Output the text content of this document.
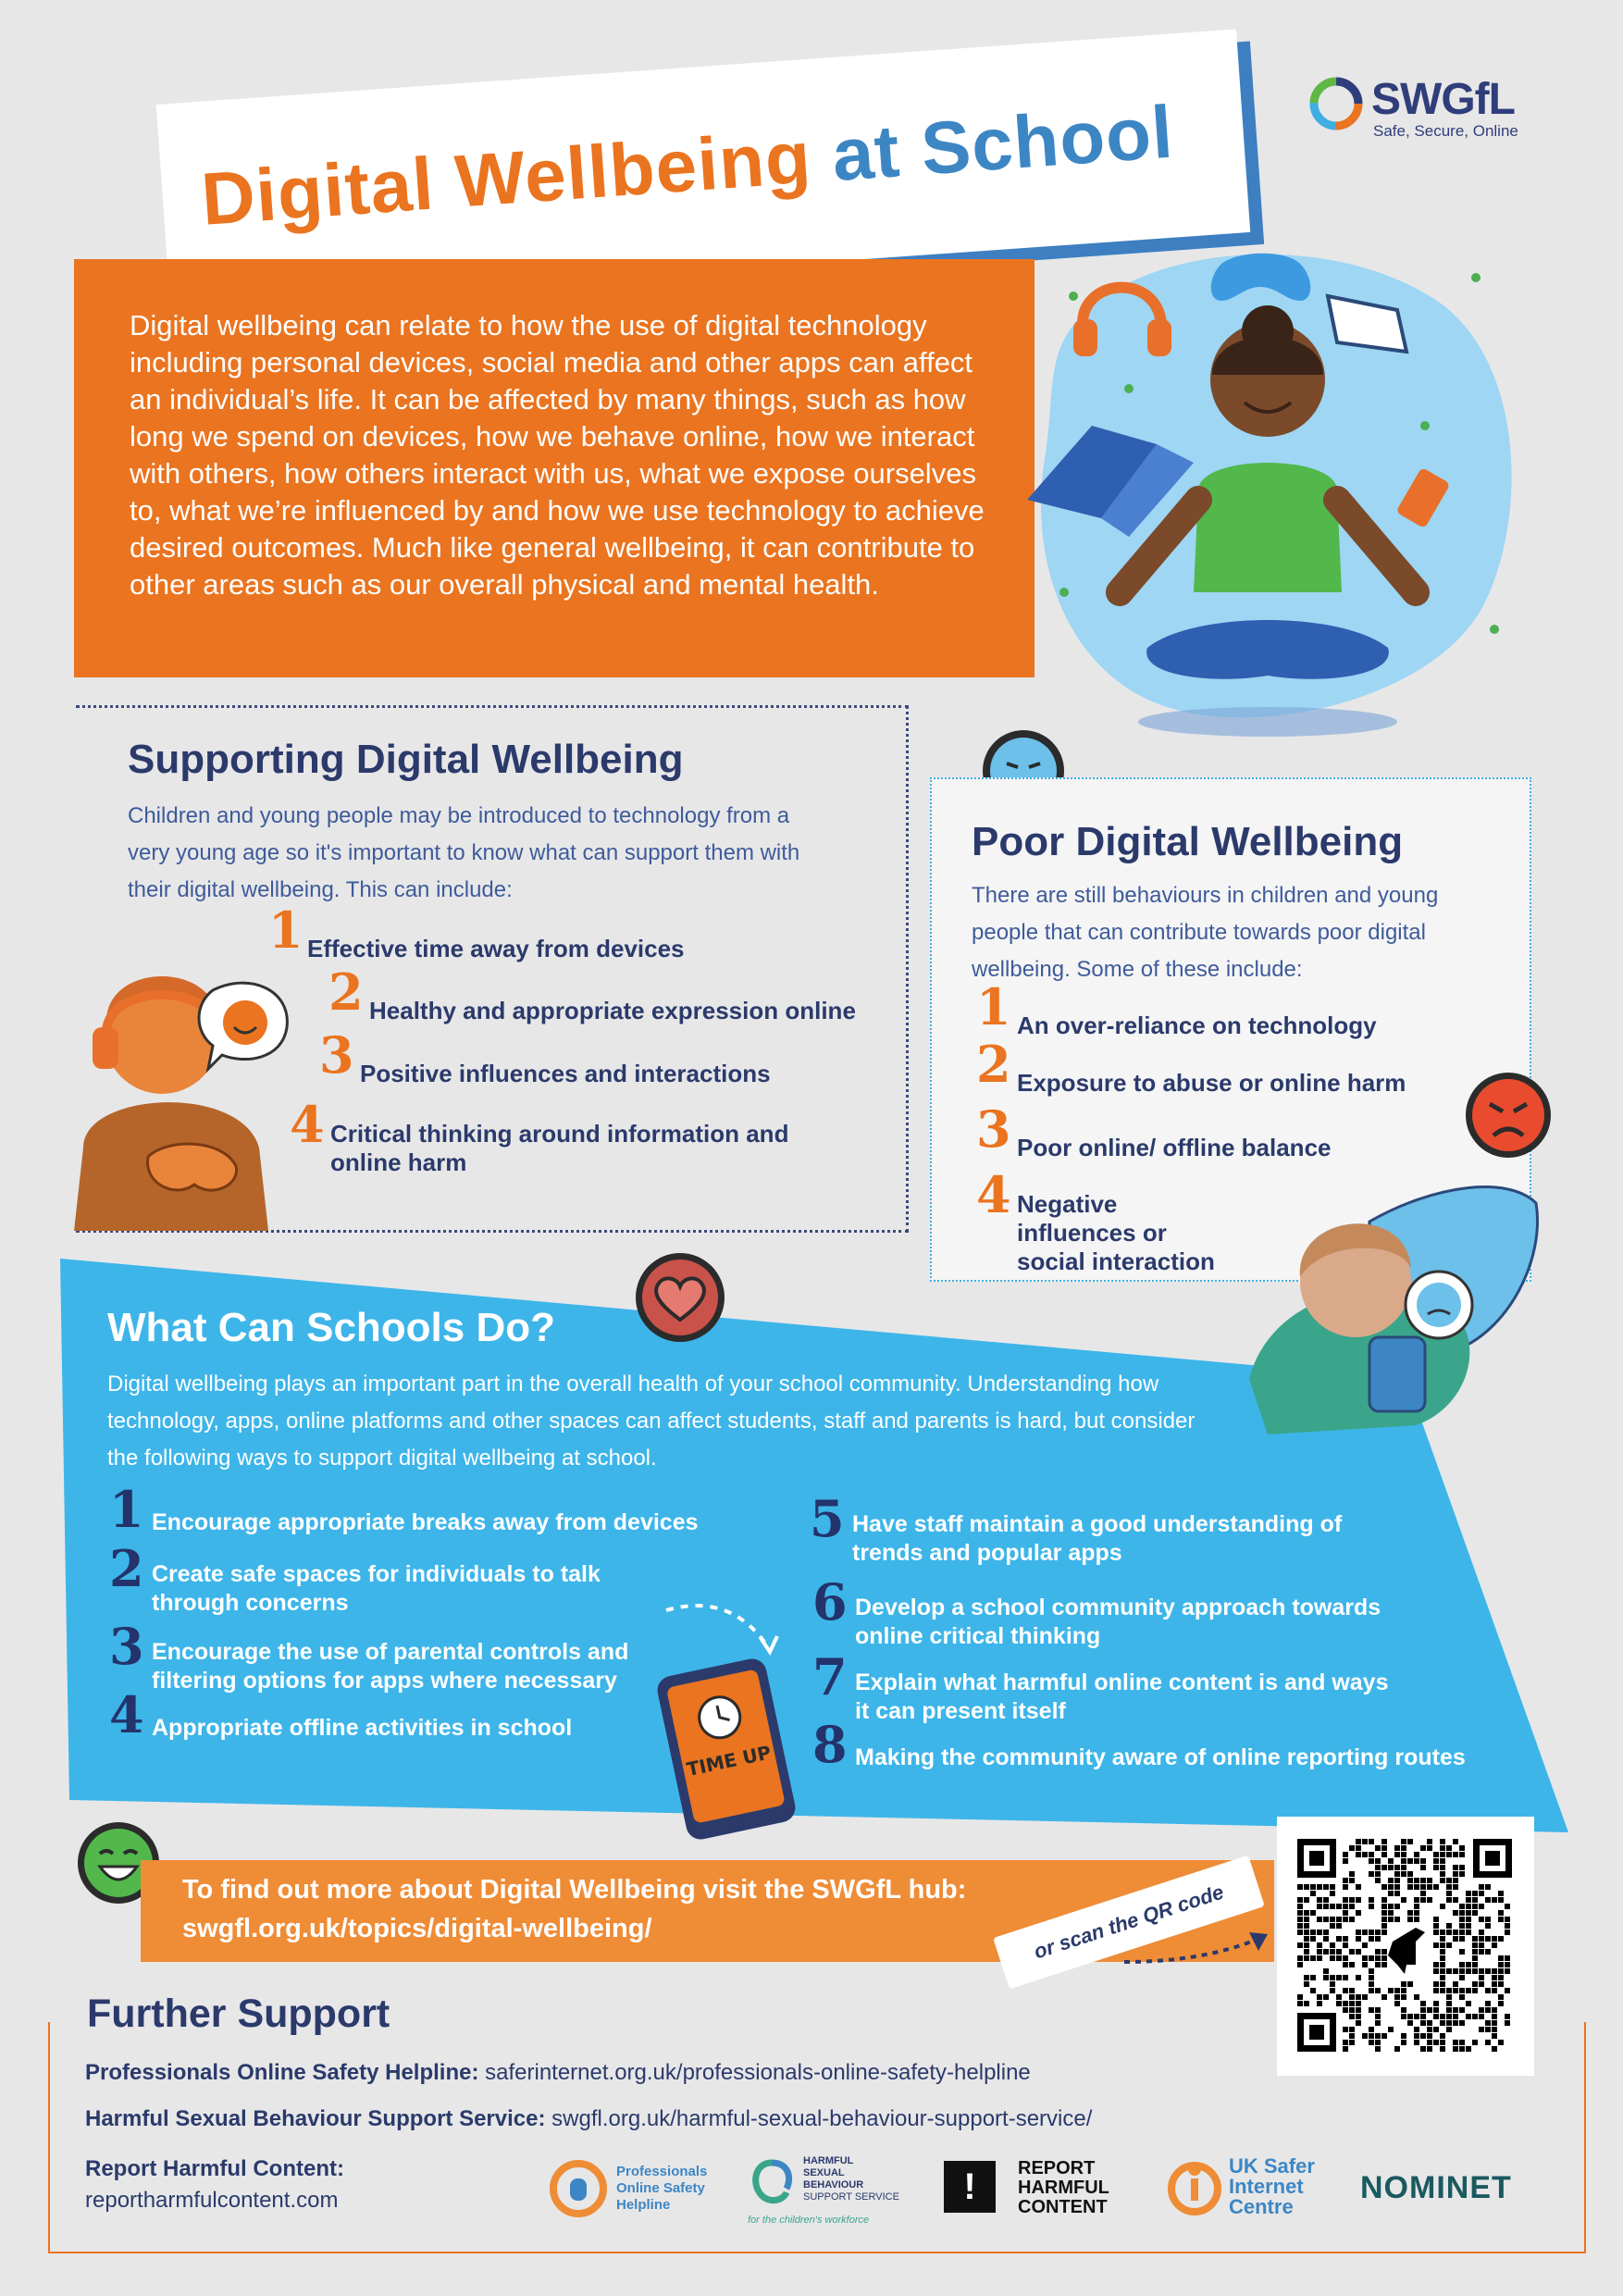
Digital Wellbeing at School	SWGfL
Safe, Secure, Online
Digital wellbeing can relate to how the use of digital technology including personal devices, social media and other apps can affect an individual’s life. It can be affected by many things, such as how long we spend on devices, how we behave online, how we interact with others, how others interact with us, what we expose ourselves to, what we’re influenced by and how we use technology to achieve desired outcomes. Much like general wellbeing, it can contribute to other areas such as our overall physical and mental health.
Supporting Digital Wellbeing
Children and young people may be introduced to technology from a very young age so it's important to know what can support them with their digital wellbeing. This can include:
1 Effective time away from devices
2 Healthy and appropriate expression online
3 Positive influences and interactions
4 Critical thinking around information and online harm
Poor Digital Wellbeing
There are still behaviours in children and young people that can contribute towards poor digital wellbeing. Some of these include:
1 An over-reliance on technology
2 Exposure to abuse or online harm
3 Poor online/ offline balance
4 Negative influences or social interaction
What Can Schools Do?
Digital wellbeing plays an important part in the overall health of your school community. Understanding how technology, apps, online platforms and other spaces can affect students, staff and parents is hard, but consider the following ways to support digital wellbeing at school.
1 Encourage appropriate breaks away from devices
2 Create safe spaces for individuals to talk through concerns
3 Encourage the use of parental controls and filtering options for apps where necessary
4 Appropriate offline activities in school
5 Have staff maintain a good understanding of trends and popular apps
6 Develop a school community approach towards online critical thinking
7 Explain what harmful online content is and ways it can present itself
8 Making the community aware of online reporting routes
TIME UP
To find out more about Digital Wellbeing visit the SWGfL hub:
swgfl.org.uk/topics/digital-wellbeing/	or scan the QR code
Further Support
Professionals Online Safety Helpline: saferinternet.org.uk/professionals-online-safety-helpline
Harmful Sexual Behaviour Support Service: swgfl.org.uk/harmful-sexual-behaviour-support-service/
Report Harmful Content:
reportharmfulcontent.com
Professionals Online Safety Helpline
HARMFUL
SEXUAL
BEHAVIOUR
SUPPORT SERVICE
for the children's workforce
!	REPORT
HARMFUL
CONTENT
UK Safer
Internet
Centre
NOMINET
